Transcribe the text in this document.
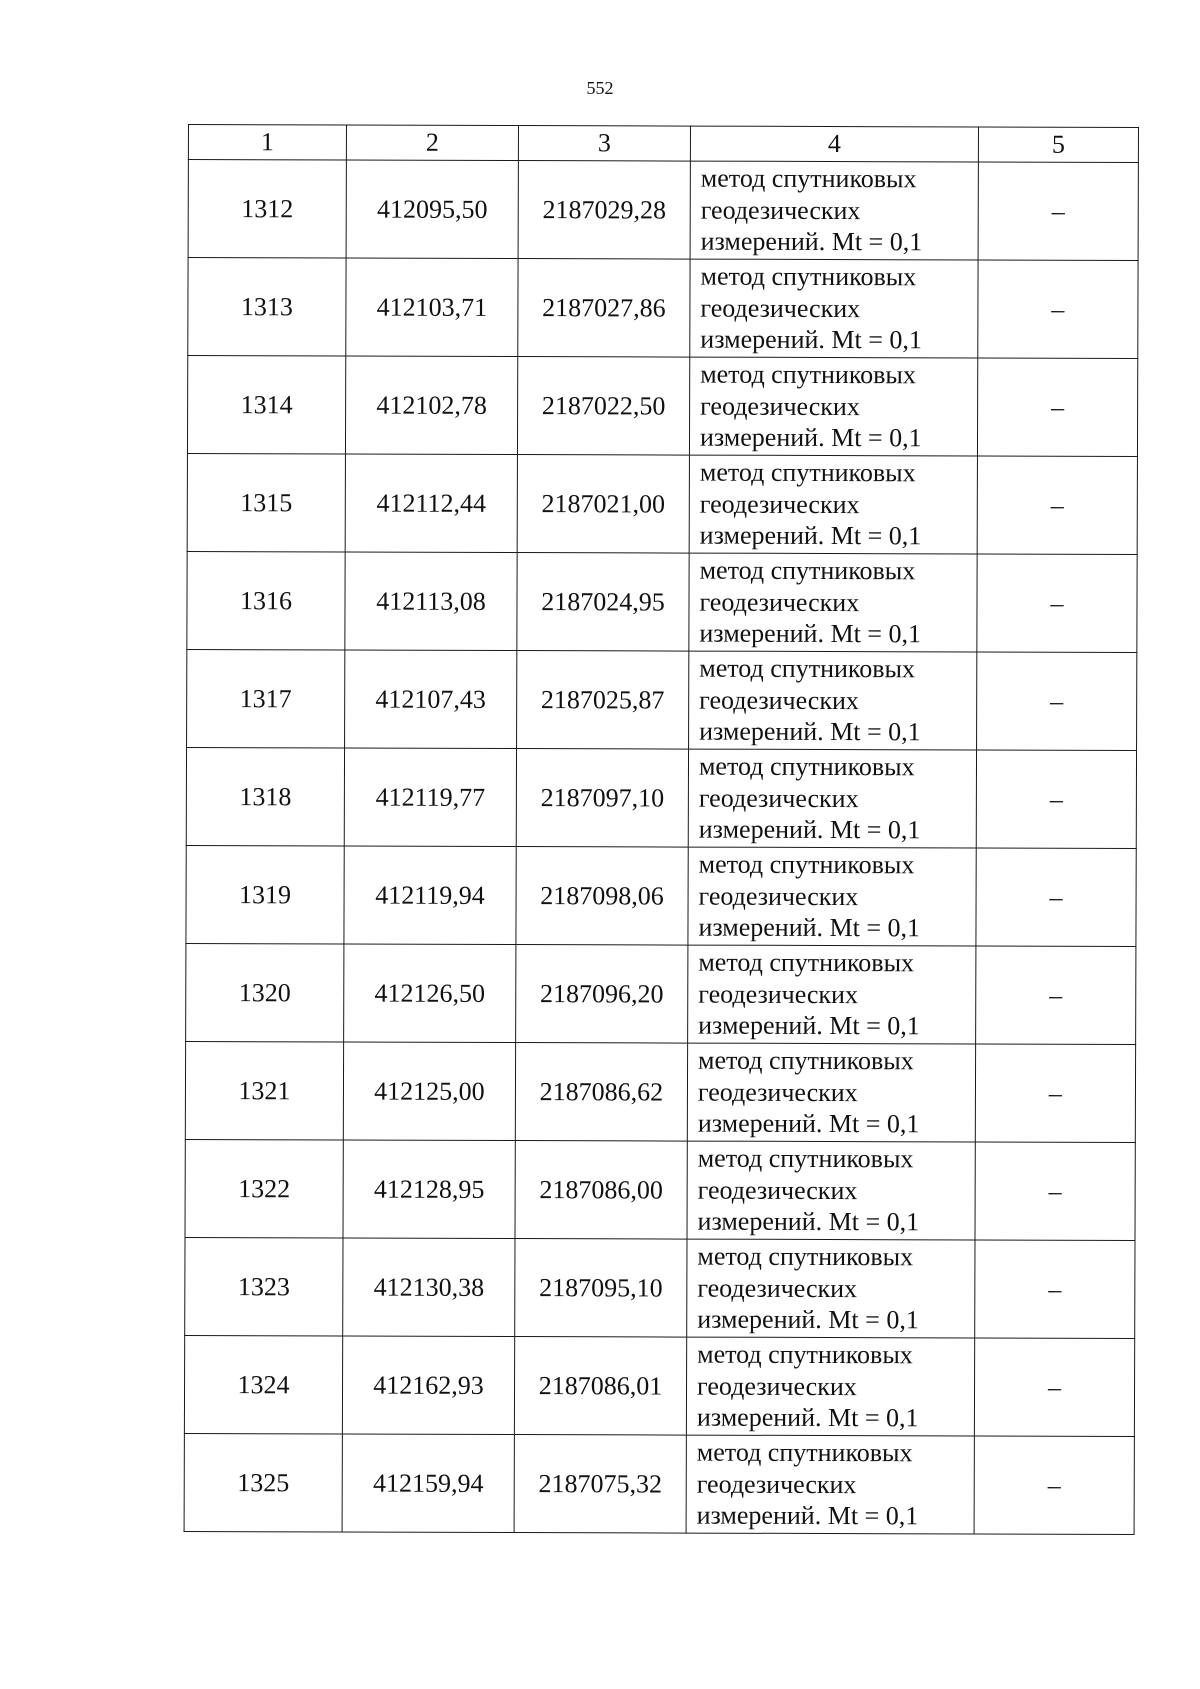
552
1	2	3	4	5
1312	412095,50	2187029,28	метод спутниковых
геодезических
измерений. Mt = 0,1	–
1313	412103,71	2187027,86	метод спутниковых
геодезических
измерений. Mt = 0,1	–
1314	412102,78	2187022,50	метод спутниковых
геодезических
измерений. Mt = 0,1	–
1315	412112,44	2187021,00	метод спутниковых
геодезических
измерений. Mt = 0,1	–
1316	412113,08	2187024,95	метод спутниковых
геодезических
измерений. Mt = 0,1	–
1317	412107,43	2187025,87	метод спутниковых
геодезических
измерений. Mt = 0,1	–
1318	412119,77	2187097,10	метод спутниковых
геодезических
измерений. Mt = 0,1	–
1319	412119,94	2187098,06	метод спутниковых
геодезических
измерений. Mt = 0,1	–
1320	412126,50	2187096,20	метод спутниковых
геодезических
измерений. Mt = 0,1	–
1321	412125,00	2187086,62	метод спутниковых
геодезических
измерений. Mt = 0,1	–
1322	412128,95	2187086,00	метод спутниковых
геодезических
измерений. Mt = 0,1	–
1323	412130,38	2187095,10	метод спутниковых
геодезических
измерений. Mt = 0,1	–
1324	412162,93	2187086,01	метод спутниковых
геодезических
измерений. Mt = 0,1	–
1325	412159,94	2187075,32	метод спутниковых
геодезических
измерений. Mt = 0,1	–
